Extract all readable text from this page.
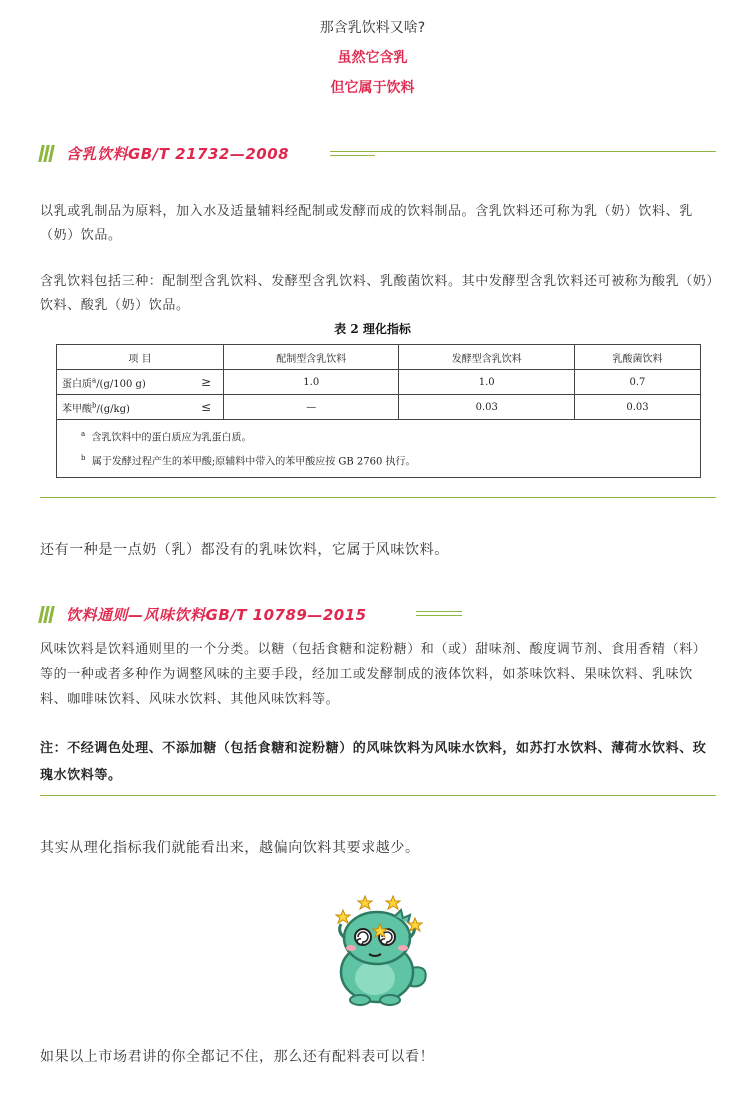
那含乳饮料又啥?
虽然它含乳
但它属于饮料
含乳饮料GB/T 21732—2008
以乳或乳制品为原料，加入水及适量辅料经配制或发酵而成的饮料制品。含乳饮料还可称为乳（奶）饮料、乳（奶）饮品。
含乳饮料包括三种：配制型含乳饮料、发酵型含乳饮料、乳酸菌饮料。其中发酵型含乳饮料还可被称为酸乳（奶）饮料、酸乳（奶）饮品。
表 2 理化指标
项 目		配制型含乳饮料	发酵型含乳饮料	乳酸菌饮料
蛋白质$^a$/(g/100 g)	≥	1.0	1.0	0.7
苯甲酸$^b$/(g/kg)	≤	—	0.03	0.03

$^a$ 含乳饮料中的蛋白质应为乳蛋白质。
$^b$ 属于发酵过程产生的苯甲酸;原辅料中带入的苯甲酸应按 GB 2760 执行。				
还有一种是一点奶（乳）都没有的乳味饮料，它属于风味饮料。
饮料通则—风味饮料GB/T 10789—2015
风味饮料是饮料通则里的一个分类。以糖（包括食糖和淀粉糖）和（或）甜味剂、酸度调节剂、食用香精（料）等的一种或者多种作为调整风味的主要手段，经加工或发酵制成的液体饮料，如茶味饮料、果味饮料、乳味饮料、咖啡味饮料、风味水饮料、其他风味饮料等。
注：不经调色处理、不添加糖（包括食糖和淀粉糖）的风味饮料为风味水饮料，如苏打水饮料、薄荷水饮料、玫瑰水饮料等。
其实从理化指标我们就能看出来，越偏向饮料其要求越少。
如果以上市场君讲的你全都记不住，那么还有配料表可以看！
